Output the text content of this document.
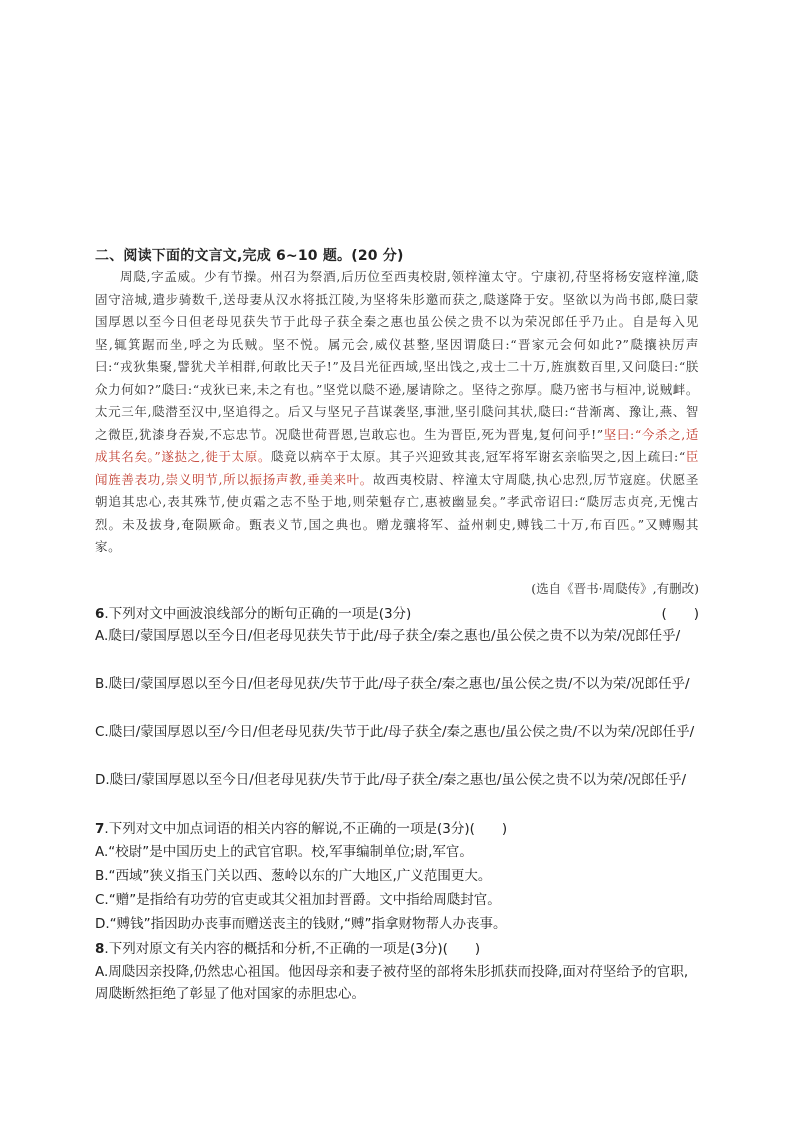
二、阅读下面的文言文,完成 6~10 题。(20 分)
周瓞,字孟威。少有节操。州召为祭酒,后历位至西夷校尉,领梓潼太守。宁康初,苻坚将杨安寇梓潼,瓞固守涪城,遣步骑数千,送母妻从汉水将抵江陵,为坚将朱肜邀而获之,瓞遂降于安。坚欲以为尚书郎,瓞曰蒙国厚恩以至今日但老母见获失节于此母子获全秦之惠也虽公侯之贵不以为荣况郎任乎乃止。自是每入见坚,辄箕踞而坐,呼之为氐贼。坚不悦。属元会,威仪甚整,坚因谓瓞曰:“晋家元会何如此?”瓞攘袂厉声曰:“戎狄集聚,譬犹犬羊相群,何敢比天子!”及吕光征西域,坚出饯之,戎士二十万,旌旗数百里,又问瓞曰:“朕众力何如?”瓞曰:“戎狄已来,未之有也。”坚党以瓞不逊,屡请除之。坚待之弥厚。瓞乃密书与桓冲,说贼衅。太元三年,瓞潜至汉中,坚追得之。后又与坚兄子莒谋袭坚,事泄,坚引瓞问其状,瓞曰:“昔渐离、豫让,燕、智之微臣,犹漆身吞炭,不忘忠节。况瓞世荷晋恩,岂敢忘也。生为晋臣,死为晋鬼,复何问乎!”坚曰:“今杀之,适成其名矣。”遂挞之,徙于太原。瓞竟以病卒于太原。其子兴迎致其丧,冠军将军谢玄亲临哭之,因上疏曰:“臣闻旌善表功,崇义明节,所以振扬声教,垂美来叶。故西夷校尉、梓潼太守周瓞,执心忠烈,厉节寇庭。伏愿圣朝追其忠心,表其殊节,使贞霜之志不坠于地,则荣魁存亡,惠被幽显矣。”孝武帝诏曰:“瓞厉志贞亮,无愧古烈。未及拔身,奄陨厥命。甄表义节,国之典也。赠龙骧将军、益州刺史,赙钱二十万,布百匹。”又赙赐其家。
(选自《晋书·周瓞传》,有删改)
6.下列对文中画波浪线部分的断句正确的一项是(3分)	(　　)
A.瓞曰/蒙国厚恩以至今日/但老母见获失节于此/母子获全/秦之惠也/虽公侯之贵不以为荣/况郎任乎/
B.瓞曰/蒙国厚恩以至今日/但老母见获/失节于此/母子获全/秦之惠也/虽公侯之贵/不以为荣/况郎任乎/
C.瓞曰/蒙国厚恩以至/今日/但老母见获/失节于此/母子获全/秦之惠也/虽公侯之贵/不以为荣/况郎任乎/
D.瓞曰/蒙国厚恩以至今日/但老母见获/失节于此/母子获全/秦之惠也/虽公侯之贵不以为荣/况郎任乎/
7.下列对文中加点词语的相关内容的解说,不正确的一项是(3分)(　　)
A.“校尉”是中国历史上的武官官职。校,军事编制单位;尉,军官。
B.“西域”狭义指玉门关以西、葱岭以东的广大地区,广义范围更大。
C.“赠”是指给有功劳的官吏或其父祖加封晋爵。文中指给周瓞封官。
D.“赙钱”指因助办丧事而赠送丧主的钱财,“赙”指拿财物帮人办丧事。
8.下列对原文有关内容的概括和分析,不正确的一项是(3分)(　　)
A.周瓞因亲投降,仍然忠心祖国。他因母亲和妻子被苻坚的部将朱肜抓获而投降,面对苻坚给予的官职,周瓞断然拒绝了彰显了他对国家的赤胆忠心。
